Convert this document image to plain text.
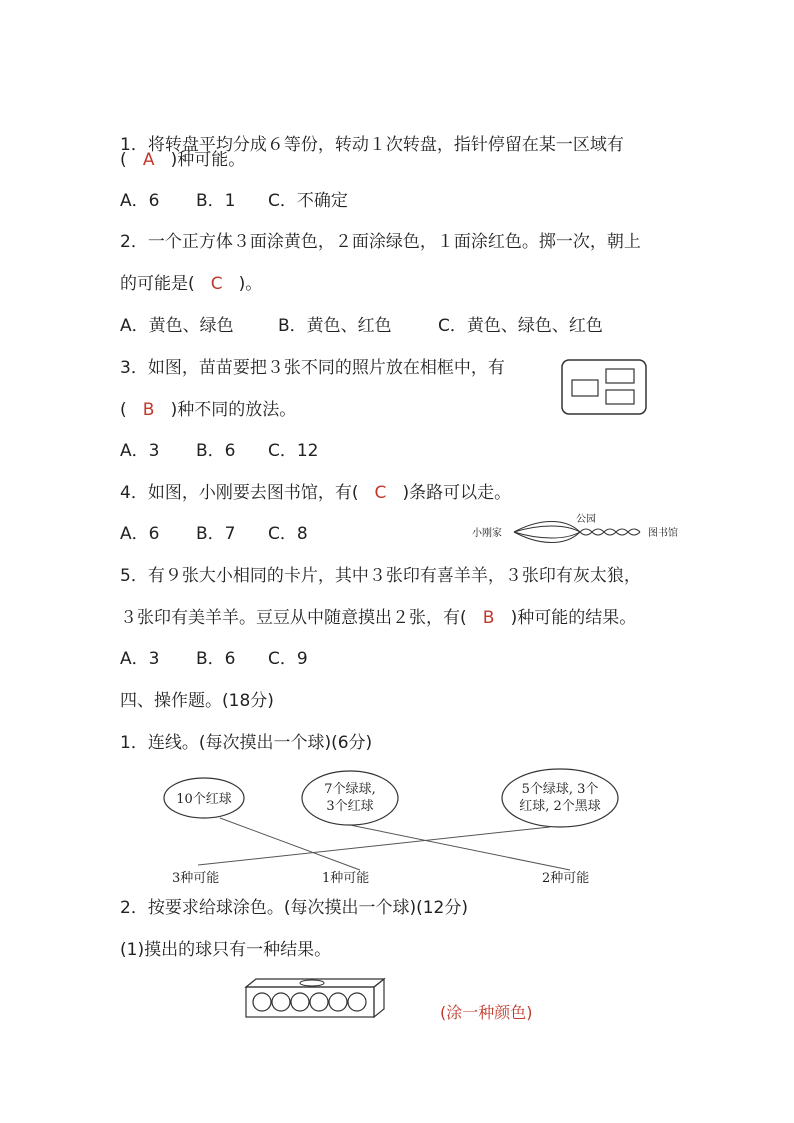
1．将转盘平均分成６等份，转动１次转盘，指针停留在某一区域有
( A )种可能。
A．6 B．1 C．不确定
2．一个正方体３面涂黄色，２面涂绿色，１面涂红色。掷一次，朝上
的可能是( C )。
A．黄色、绿色	B．黄色、红色	C．黄色、绿色、红色
3．如图，苗苗要把３张不同的照片放在相框中，有
( B )种不同的放法。
A．3 B．6 C．12
4．如图，小刚要去图书馆，有( C )条路可以走。
A．6 B．7 C．8	小刚家
公园
图书馆
5．有９张大小相同的卡片，其中３张印有喜羊羊，３张印有灰太狼，
３张印有美羊羊。豆豆从中随意摸出２张，有( B )种可能的结果。
A．3 B．6 C．9
四、操作题。(18分)
1．连线。(每次摸出一个球)(6分)
10个红球
7个绿球,
3个红球
5个绿球, 3个
红球, 2个黑球
3种可能	1种可能	2种可能
2．按要求给球涂色。(每次摸出一个球)(12分)
(1)摸出的球只有一种结果。
(涂一种颜色)
